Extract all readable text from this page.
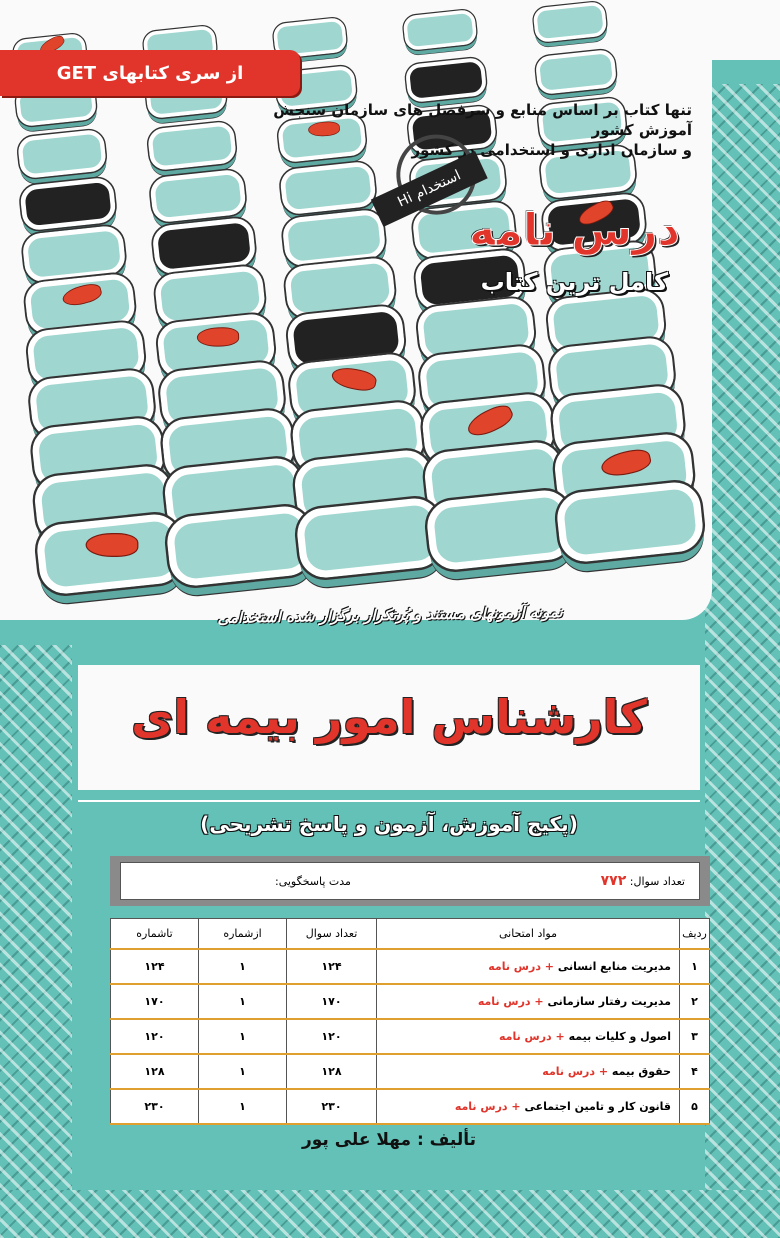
از سری کتابهای GET
تنها کتاب بر اساس منابع و سرفصل های سازمان سنجش آموزش کشور
و سازمان اداری و استخدامی در کشور
استخدام

Hi
درس نامه
کامل ترین کتاب
نمونه آزمونهای مستند و پُرتکرار برگزار شده استخدامی
کارشناس امور بیمه ای
(پکیج آموزش، آزمون و پاسخ تشریحی)
تعداد سوال: ۷۷۲
مدت پاسخگویی:
ردیف	مواد امتحانی	تعداد سوال	ازشماره	تاشماره
۱	مدیریت منابع انسانی + درس نامه	۱۲۴	۱	۱۲۴
۲	مدیریت رفتار سازمانی + درس نامه	۱۷۰	۱	۱۷۰
۳	اصول و کلیات بیمه + درس نامه	۱۲۰	۱	۱۲۰
۴	حقوق بیمه + درس نامه	۱۲۸	۱	۱۲۸
۵	قانون کار و تامین اجتماعی + درس نامه	۲۳۰	۱	۲۳۰
تألیف : مهلا علی پور
